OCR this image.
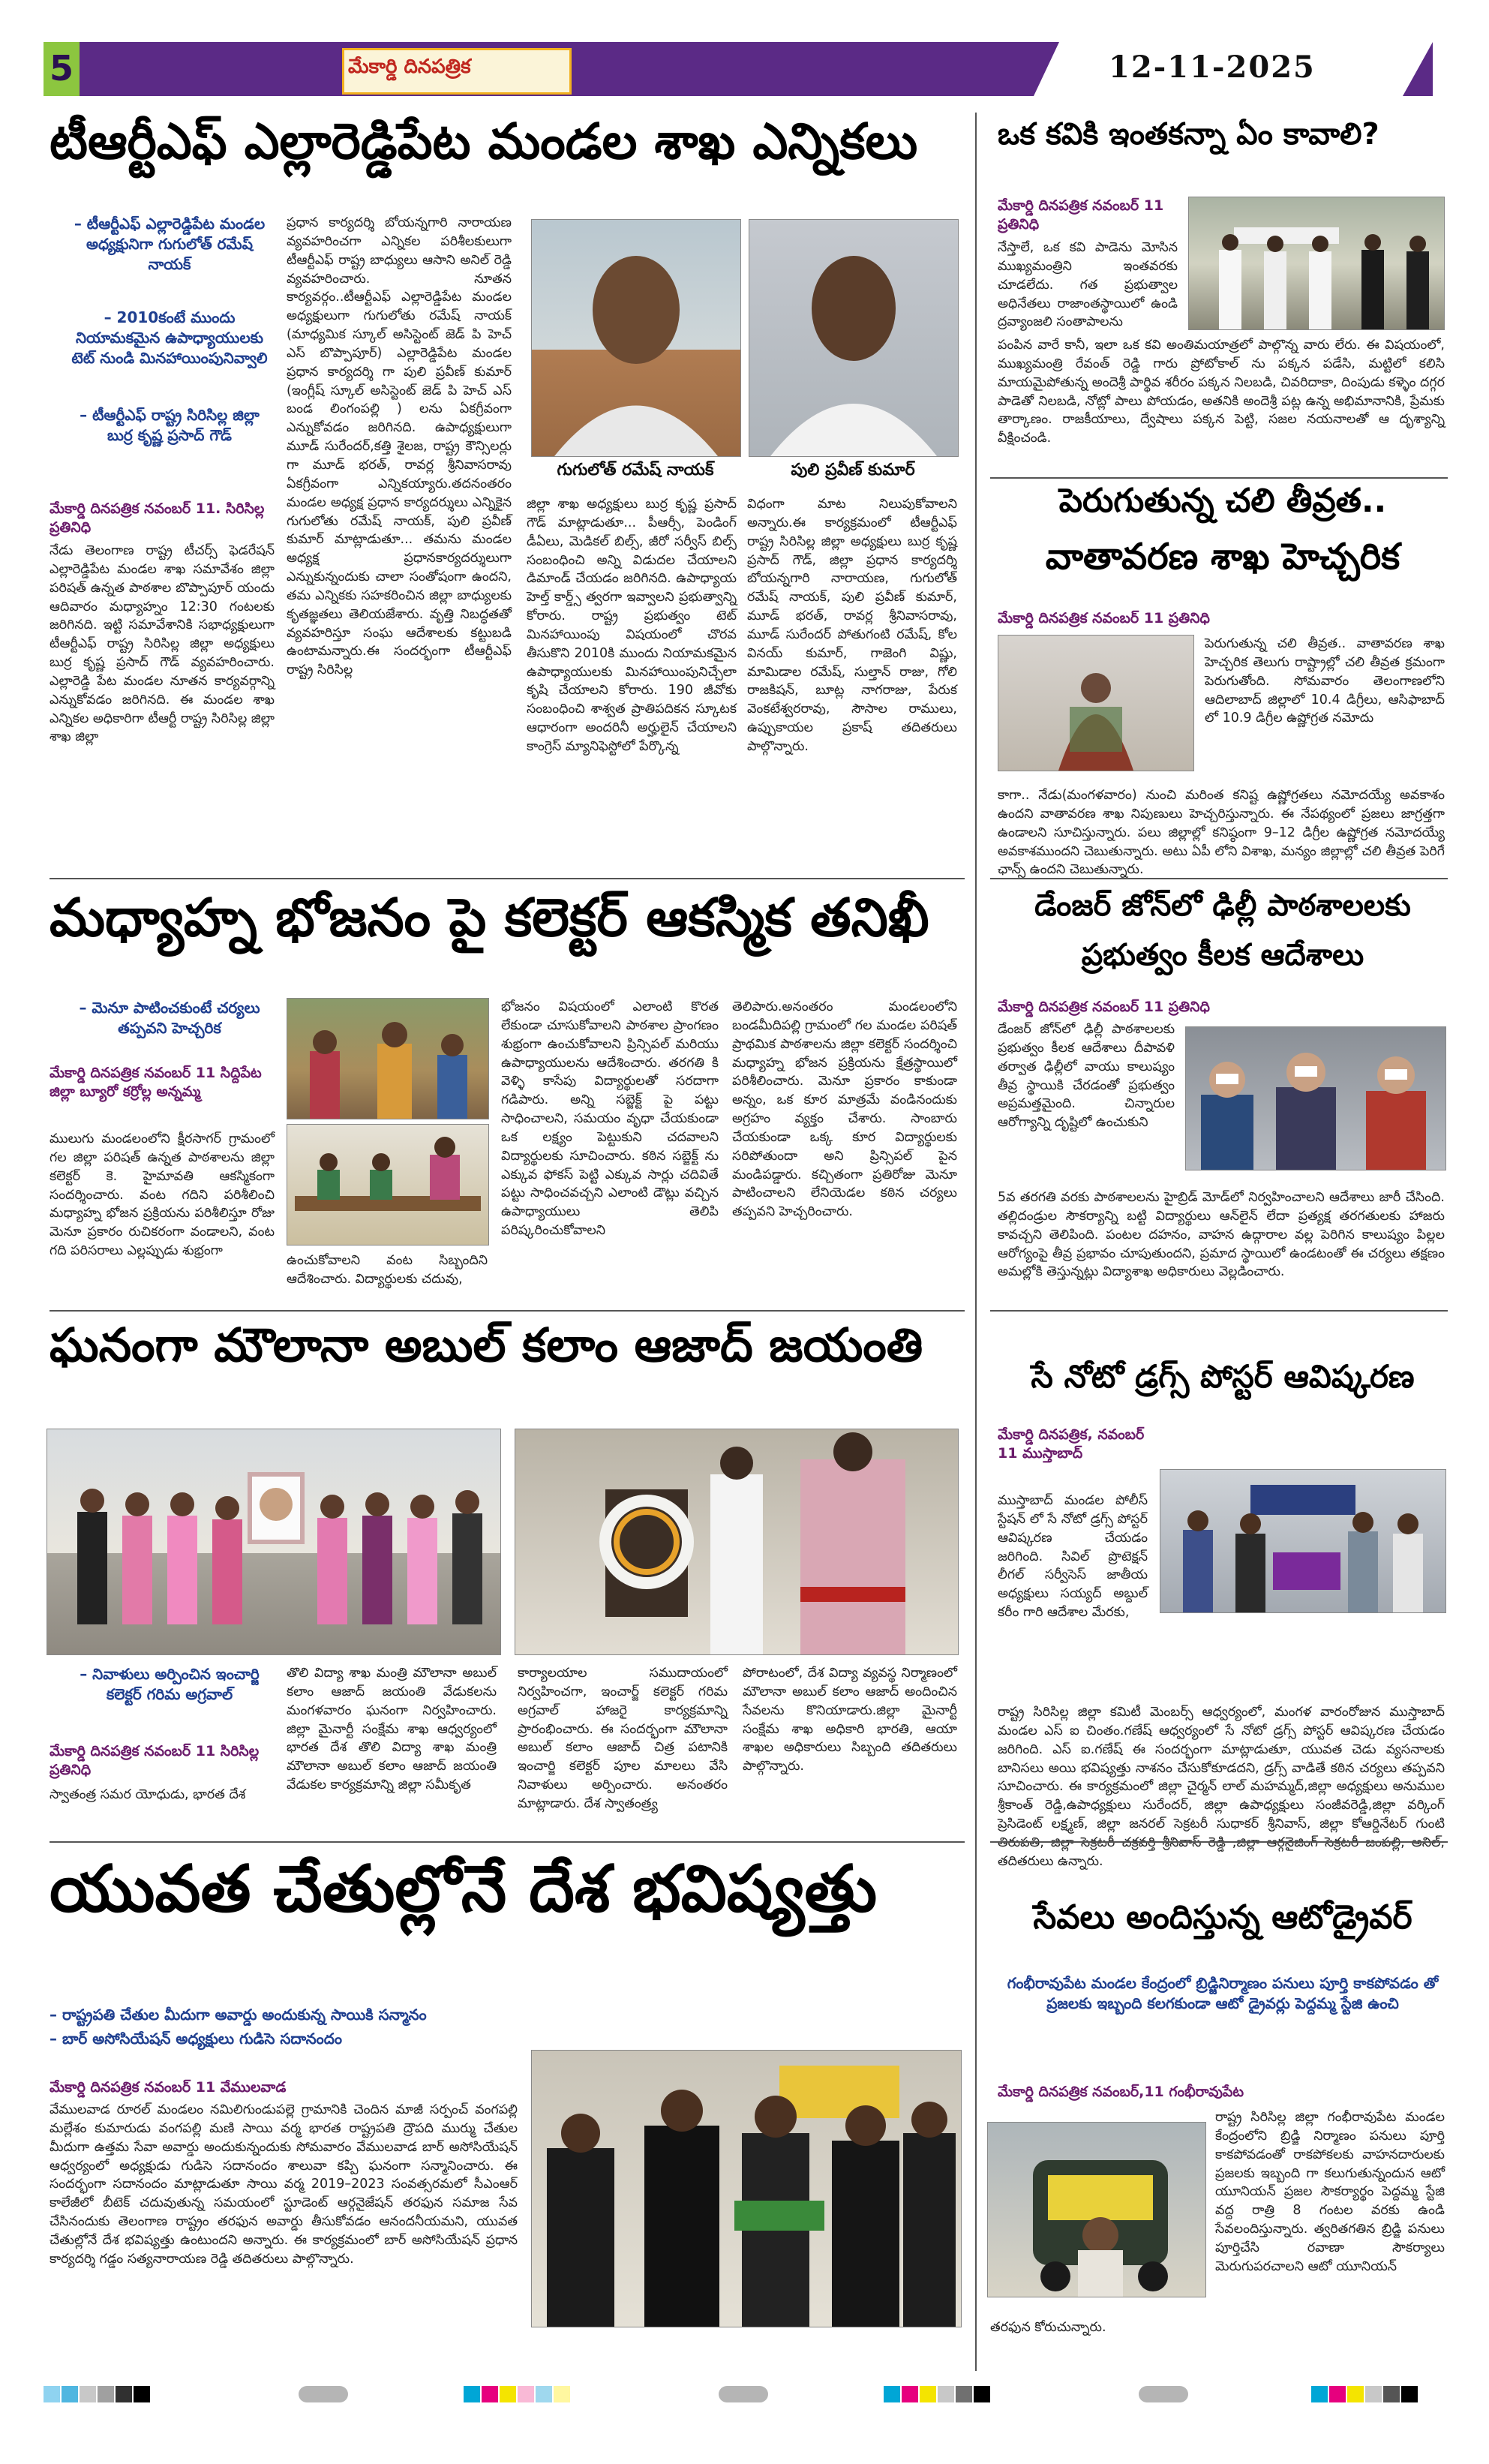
5	మేకార్డి దినపత్రిక	12-11-2025
టీఆర్టీఎఫ్ ఎల్లారెడ్డిపేట మండల శాఖ ఎన్నికలు
– టీఆర్టీఎఫ్ ఎల్లారెడ్డిపేట మండల అధ్యక్షునిగా గుగులోత్ రమేష్ నాయక్
– 2010కంటే ముందు నియామకమైన ఉపాధ్యాయులకు టెట్ నుండి మినహాయింపునివ్వాలి
– టీఆర్టీఎఫ్ రాష్ట్ర సిరిసిల్ల జిల్లా బుర్ర కృష్ణ ప్రసాద్ గౌడ్
మేకార్డి దినపత్రిక నవంబర్ 11. సిరిసిల్ల ప్రతినిధి
నేడు తెలంగాణ రాష్ట్ర టీచర్స్ ఫెడరేషన్ ఎల్లారెడ్డిపేట మండల శాఖ సమావేశం జిల్లా పరిషత్ ఉన్నత పాఠశాల బొప్పాపూర్ యందు ఆదివారం మధ్యాహ్నం 12:30 గంటలకు జరిగినది. ఇట్టి సమావేశానికి సభాధ్యక్షులుగా టీఆర్టీఎఫ్ రాష్ట్ర సిరిసిల్ల జిల్లా అధ్యక్షులు బుర్ర కృష్ణ ప్రసాద్ గౌడ్ వ్యవహరించారు. ఎల్లారెడ్డి పేట మండల నూతన కార్యవర్గాన్ని ఎన్నుకోవడం జరిగినది. ఈ మండల శాఖ ఎన్నికల అధికారిగా టీఆర్టీ రాష్ట్ర సిరిసిల్ల జిల్లా శాఖ జిల్లా
ప్రధాన కార్యదర్శి బోయన్నగారి నారాయణ వ్యవహరించగా ఎన్నికల పరిశీలకులుగా టీఆర్టీఎఫ్ రాష్ట్ర బాధ్యులు ఆసాని అనిల్ రెడ్డి వ్యవహరించారు. నూతన కార్యవర్గం..టీఆర్టీఎఫ్ ఎల్లారెడ్డిపేట మండల అధ్యక్షులుగా గుగులోతు రమేష్ నాయక్ (మాధ్యమిక స్కూల్ అసిస్టెంట్ జెడ్ పి హెచ్ ఎస్ బొప్పాపూర్) ఎల్లారెడ్డిపేట మండల ప్రధాన కార్యదర్శి గా పులి ప్రవీణ్ కుమార్ (ఇంగ్లీష్ స్కూల్ అసిస్టెంట్ జెడ్ పి హెచ్ ఎస్ బండ లింగంపల్లి ) లను ఏకగ్రీవంగా ఎన్నుకోవడం జరిగినది. ఉపాధ్యక్షులుగా మూడ్ సురేందర్,కత్తి శైలజ, రాష్ట్ర కౌన్సిలర్లు గా మూడ్ భరత్, రావర్ల శ్రీనివాసరావు ఏకగ్రీవంగా ఎన్నికయ్యారు.తదనంతరం మండల అధ్యక్ష ప్రధాన కార్యదర్శులు ఎన్నికైన గుగులోతు రమేష్ నాయక్, పులి ప్రవీణ్ కుమార్ మాట్లాడుతూ... తమను మండల అధ్యక్ష ప్రధానకార్యదర్శులుగా ఎన్నుకున్నందుకు చాలా సంతోషంగా ఉందని, తమ ఎన్నికకు సహకరించిన జిల్లా బాధ్యులకు కృతజ్ఞతలు తెలియజేశారు. వృత్తి నిబద్ధతతో వ్యవహరిస్తూ సంఘ ఆదేశాలకు కట్టుబడి ఉంటామన్నారు.ఈ సందర్భంగా టీఆర్టీఎఫ్ రాష్ట్ర సిరిసిల్ల
గుగులోత్ రమేష్ నాయక్	పులి ప్రవీణ్ కుమార్
జిల్లా శాఖ అధ్యక్షులు బుర్ర కృష్ణ ప్రసాద్ గౌడ్ మాట్లాడుతూ... పీఆర్సీ, పెండింగ్ డీఏలు, మెడికల్ బిల్స్, జీరో సర్వీస్ బిల్స్ సంబంధించి అన్ని విడుదల చేయాలని డిమాండ్ చేయడం జరిగినది. ఉపాధ్యాయ హెల్త్ కార్డ్స్ త్వరగా ఇవ్వాలని ప్రభుత్వాన్ని కోరారు. రాష్ట్ర ప్రభుత్వం టెట్ మినహాయింపు విషయంలో చొరవ తీసుకొని 2010కి ముందు నియామకమైన ఉపాధ్యాయులకు మినహాయింపునిచ్చేలా కృషి చేయాలని కోరారు. 190 జీవోకు సంబంధించి శాశ్వత ప్రాతిపదికన స్కూటక ఆధారంగా అందరినీ అర్హులైన్ చేయాలని కాంగ్రెస్ మ్యానిఫెస్టోలో పేర్కొన్న
విధంగా మాట నిలుపుకోవాలని అన్నారు.ఈ కార్యక్రమంలో టీఆర్టీఎఫ్ రాష్ట్ర సిరిసిల్ల జిల్లా అధ్యక్షులు బుర్ర కృష్ణ ప్రసాద్ గౌడ్, జిల్లా ప్రధాన కార్యదర్శి బోయన్నగారి నారాయణ, గుగులోత్ రమేష్ నాయక్, పులి ప్రవీణ్ కుమార్, మూడ్ భరత్, రావర్ల శ్రీనివాసరావు, మూడ్ సురేందర్ పోతుగంటి రమేష్, కోల వినయ్ కుమార్, గాజెంగి విష్ణు, మామిడాల రమేష్, సుల్తాన్ రాజు, గోలి రాజకిషన్, బూట్ల నాగరాజు, పేరుక వెంకటేశ్వరరావు, సౌసాల రాములు, ఉప్పుకాయల ప్రకాష్ తదితరులు పాల్గొన్నారు.
మధ్యాహ్న భోజనం పై కలెక్టర్ ఆకస్మిక తనిఖీ
– మెనూ పాటించకుంటే చర్యలు తప్పవని హెచ్చరిక
మేకార్డి దినపత్రిక నవంబర్ 11 సిద్దిపేట జిల్లా బ్యూరో కర్రోల్ల అన్నమ్మ
ములుగు మండలంలోని క్షీరసాగర్ గ్రామంలో గల జిల్లా పరిషత్ ఉన్నత పాఠశాలను జిల్లా కలెక్టర్ కె. హైమావతి ఆకస్మికంగా సందర్శించారు. వంట గదిని పరిశీలించి మధ్యాహ్న భోజన ప్రక్రియను పరిశీలిస్తూ రోజు మెనూ ప్రకారం రుచికరంగా వండాలని, వంట గది పరిసరాలు ఎల్లప్పుడు శుభ్రంగా
ఉంచుకోవాలని వంట సిబ్బందిని ఆదేశించారు. విద్యార్థులకు చదువు,
భోజనం విషయంలో ఎలాంటి కొరత లేకుండా చూసుకోవాలని పాఠశాల ప్రాంగణం శుభ్రంగా ఉంచుకోవాలని ప్రిన్సిపల్ మరియు ఉపాధ్యాయులను ఆదేశించారు. తరగతి కి వెళ్ళి కాసేపు విద్యార్థులతో సరదాగా గడిపారు. అన్ని సబ్జెక్ట్ పై పట్టు సాధించాలని, సమయం వృధా చేయకుండా ఒక లక్ష్యం పెట్టుకుని చదవాలని విద్యార్థులకు సూచించారు. కఠిన సబ్జెక్ట్ ను ఎక్కువ ఫోకస్ పెట్టి ఎక్కువ సార్లు చదివితే పట్టు సాధించవచ్చని ఎలాంటి డౌట్లు వచ్చిన ఉపాధ్యాయులు తెలిపి పరిష్కరించుకోవాలని
తెలిపారు.అనంతరం మండలంలోని బండమీదిపల్లి గ్రామంలో గల మండల పరిషత్ ప్రాథమిక పాఠశాలను జిల్లా కలెక్టర్ సందర్శించి మధ్యాహ్న భోజన ప్రక్రియను క్షేత్రస్థాయిలో పరిశీలించారు. మెనూ ప్రకారం కాకుండా అన్నం, ఒక కూర మాత్రమే వండినందుకు అగ్రహం వ్యక్తం చేశారు. సాంబారు చేయకుండా ఒక్క కూర విద్యార్థులకు సరిపోతుందా అని ప్రిన్సిపల్ పైన మండిపడ్డారు. కచ్చితంగా ప్రతిరోజు మెనూ పాటించాలని లేనియెడల కఠిన చర్యలు తప్పవని హెచ్చరించారు.
ఘనంగా మౌలానా అబుల్ కలాం ఆజాద్ జయంతి
– నివాళులు అర్పించిన ఇంచార్జి కలెక్టర్ గరిమ అగ్రవాల్
మేకార్డి దినపత్రిక నవంబర్ 11 సిరిసిల్ల ప్రతినిధి
స్వాతంత్ర సమర యోధుడు, భారత దేశ
తొలి విద్యా శాఖ మంత్రి మౌలానా అబుల్ కలాం ఆజాద్ జయంతి వేడుకలను మంగళవారం ఘనంగా నిర్వహించారు. జిల్లా మైనార్టీ సంక్షేమ శాఖ ఆధ్వర్యంలో భారత దేశ తొలి విద్యా శాఖ మంత్రి మౌలానా అబుల్ కలాం ఆజాద్ జయంతి వేడుకల కార్యక్రమాన్ని జిల్లా సమీకృత
కార్యాలయాల సముదాయంలో నిర్వహించగా, ఇంచార్జ్ కలెక్టర్ గరిమ అగ్రవాల్ హాజరై కార్యక్రమాన్ని ప్రారంభించారు. ఈ సందర్భంగా మౌలానా అబుల్ కలాం ఆజాద్ చిత్ర పటానికి ఇంచార్జి కలెక్టర్ పూల మాలలు వేసి నివాళులు అర్పించారు. అనంతరం మాట్లాడారు. దేశ స్వాతంత్ర్య
పోరాటంలో, దేశ విద్యా వ్యవస్థ నిర్మాణంలో మౌలానా అబుల్ కలాం ఆజాద్ అందించిన సేవలను కొనియాడారు.జిల్లా మైనార్టీ సంక్షేమ శాఖ అధికారి భారతి, ఆయా శాఖల అధికారులు సిబ్బంది తదితరులు పాల్గొన్నారు.
యువత చేతుల్లోనే దేశ భవిష్యత్తు
– రాష్ట్రపతి చేతుల మీదుగా అవార్డు అందుకున్న సాయికి సన్మానం
– బార్ అసోసియేషన్ అధ్యక్షులు గుడిసె సదానందం
మేకార్డి దినపత్రిక నవంబర్ 11 వేములవాడ
వేములవాడ రూరల్ మండలం నమిలిగుండుపల్లె గ్రామానికి చెందిన మాజీ సర్పంచ్ వంగపల్లి మల్లేశం కుమారుడు వంగపల్లి మణి సాయి వర్మ భారత రాష్ట్రపతి ద్రౌపది ముర్ము చేతుల మీదుగా ఉత్తమ సేవా అవార్డు అందుకున్నందుకు సోమవారం వేములవాడ బార్ అసోసియేషన్ ఆధ్వర్యంలో అధ్యక్షుడు గుడిసె సదానందం శాలువా కప్పి ఘనంగా సన్మానించారు. ఈ సందర్భంగా సదానందం మాట్లాడుతూ సాయి వర్మ 2019–2023 సంవత్సరమలో సీఎంఆర్ కాలేజీలో బీటెక్ చదువుతున్న సమయంలో స్టూడెంట్ ఆర్గనైజేషన్ తరఫున సమాజ సేవ చేసినందుకు తెలంగాణ రాష్ట్రం తరఫున అవార్డు తీసుకోవడం ఆనందనీయమని, యువత చేతుల్లోనే దేశ భవిష్యత్తు ఉంటుందని అన్నారు. ఈ కార్యక్రమంలో బార్ అసోసియేషన్ ప్రధాన కార్యదర్శి గడ్డం సత్యనారాయణ రెడ్డి తదితరులు పాల్గొన్నారు.
ఒక కవికి ఇంతకన్నా ఏం కావాలి?
మేకార్డి దినపత్రిక నవంబర్ 11 ప్రతినిధి
నేస్తాలే, ఒక కవి పాడెను మోసిన ముఖ్యమంత్రిని ఇంతవరకు చూడలేదు. గత ప్రభుత్వాల అధినేతలు రాజాంతస్థాయిలో ఉండి ద్రవ్యాంజలి సంతాపాలను
పంపిన వారే కానీ, ఇలా ఒక కవి అంతిమయాత్రలో పాల్గొన్న వారు లేరు. ఈ విషయంలో, ముఖ్యమంత్రి రేవంత్ రెడ్డి గారు ప్రోటోకాల్ ను పక్కన పడేసి, మట్టిలో కలిసి మాయమైపోతున్న అందెశ్రీ పార్థివ శరీరం పక్కన నిలబడి, చివరిదాకా, దింపుడు కళ్ళెం దగ్గర పాడెతో నిలబడి, నోట్లో పాలు పోయడం, అతనికి అందెశ్రీ పట్ల ఉన్న అభిమానానికి, ప్రేమకు తార్కాణం. రాజకీయాలు, ద్వేషాలు పక్కన పెట్టి, సజల నయనాలతో ఆ దృశ్యాన్ని వీక్షించండి.
పెరుగుతున్న చలి తీవ్రత..
వాతావరణ శాఖ హెచ్చరిక
మేకార్డి దినపత్రిక నవంబర్ 11 ప్రతినిధి
పెరుగుతున్న చలి తీవ్రత.. వాతావరణ శాఖ హెచ్చరిక తెలుగు రాష్ట్రాల్లో చలి తీవ్రత క్రమంగా పెరుగుతోంది. సోమవారం తెలంగాణలోని ఆదిలాబాద్ జిల్లాలో 10.4 డిగ్రీలు, ఆసిఫాబాద్ లో 10.9 డిగ్రీల ఉష్ణోగ్రత నమోదు
కాగా.. నేడు(మంగళవారం) నుంచి మరింత కనిష్ట ఉష్ణోగ్రతలు నమోదయ్యే అవకాశం ఉందని వాతావరణ శాఖ నిపుణులు హెచ్చరిస్తున్నారు. ఈ నేపథ్యంలో ప్రజలు జాగ్రత్తగా ఉండాలని సూచిస్తున్నారు. పలు జిల్లాల్లో కనిష్ఠంగా 9–12 డిగ్రీల ఉష్ణోగ్రత నమోదయ్యే అవకాశముందని చెబుతున్నారు. అటు ఏపీ లోని విశాఖ, మన్యం జిల్లాల్లో చలి తీవ్రత పెరిగే ఛాన్స్ ఉందని చెబుతున్నారు.
డేంజర్ జోన్‌లో ఢిల్లీ పాఠశాలలకు
ప్రభుత్వం కీలక ఆదేశాలు
మేకార్డి దినపత్రిక నవంబర్ 11 ప్రతినిధి
డేంజర్ జోన్‌లో ఢిల్లీ పాఠశాలలకు ప్రభుత్వం కీలక ఆదేశాలు దీపావళి తర్వాత ఢిల్లీలో వాయు కాలుష్యం తీవ్ర స్థాయికి చేరడంతో ప్రభుత్వం అప్రమత్తమైంది. చిన్నారుల ఆరోగ్యాన్ని దృష్టిలో ఉంచుకుని
5వ తరగతి వరకు పాఠశాలలను హైబ్రిడ్ మోడ్‌లో నిర్వహించాలని ఆదేశాలు జారీ చేసింది. తల్లిదండ్రుల సౌకర్యాన్ని బట్టి విద్యార్థులు ఆన్‌లైన్ లేదా ప్రత్యక్ష తరగతులకు హాజరు కావచ్చని తెలిపింది. పంటల దహనం, వాహన ఉద్గారాల వల్ల పెరిగిన కాలుష్యం పిల్లల ఆరోగ్యంపై తీవ్ర ప్రభావం చూపుతుందని, ప్రమాద స్థాయిలో ఉండటంతో ఈ చర్యలు తక్షణం అమల్లోకి తెస్తున్నట్లు విద్యాశాఖ అధికారులు వెల్లడించారు.
సే నోటో డ్రగ్స్ పోస్టర్ ఆవిష్కరణ
మేకార్డి దినపత్రిక, నవంబర్ 11 ముస్తాబాద్
ముస్తాబాద్ మండల పోలీస్ స్టేషన్ లో సే నోటో డ్రగ్స్ పోస్టర్ ఆవిష్కరణ చేయడం జరిగింది. సివిల్ ప్రొటెక్షన్ లీగల్ సర్వీసెస్ జాతీయ అధ్యక్షులు సయ్యద్ అబ్దుల్ కరీం గారి ఆదేశాల మేరకు,
రాష్ట్ర సిరిసిల్ల జిల్లా కమిటీ మెంబర్స్ ఆధ్వర్యంలో, మంగళ వారంరోజున ముస్తాబాద్ మండల ఎస్ ఐ చింతం.గణేష్ ఆధ్వర్యంలో సే నోటో డ్రగ్స్ పోస్టర్ ఆవిష్కరణ చేయడం జరిగింది. ఎస్ ఐ.గణేష్ ఈ సందర్భంగా మాట్లాడుతూ, యువత చెడు వ్యసనాలకు బానిసలు అయి భవిష్యత్తు నాశనం చేసుకోకూడదని, డ్రగ్స్ వాడితే కఠిన చర్యలు తప్పవని సూచించారు. ఈ కార్యక్రమంలో జిల్లా చైర్మన్ లాల్ మహమ్మద్,జిల్లా అధ్యక్షులు అనుముల శ్రీకాంత్ రెడ్డి,ఉపాధ్యక్షులు సురేందర్, జిల్లా ఉపాధ్యక్షులు సంజీవరెడ్డి,జిల్లా వర్కింగ్ ప్రెసిడెంట్ లక్ష్మణ్, జిల్లా జనరల్ సెక్రటరీ సుధాకర్ శ్రీనివాస్, జిల్లా కోఆర్డినేటర్ గుంటి తదితరులు ఉన్నారు.
సేవలు అందిస్తున్న ఆటోడ్రైవర్
గంభీరావుపేట మండల కేంద్రంలో బ్రిడ్జినిర్మాణం పనులు పూర్తి కాకపోవడం తో ప్రజలకు ఇబ్బంది కలగకుండా ఆటో డ్రైవర్లు పెద్దమ్మ స్టేజి ఉంచి
మేకార్డి దినపత్రిక నవంబర్,11 గంభీరావుపేట
రాష్ట్ర సిరిసిల్ల జిల్లా గంభీరావుపేట మండల కేంద్రంలోని బ్రిడ్జి నిర్మాణం పనులు పూర్తి కాకపోవడంతో రాకపోకలకు వాహనదారులకు ప్రజలకు ఇబ్బంది గా కలుగుతున్నందున ఆటో యూనియన్ ప్రజల సౌకర్యార్థం పెద్దమ్మ స్టేజి వద్ద రాత్రి 8 గంటల వరకు ఉండి సేవలందిస్తున్నారు. త్వరితగతిన బ్రిడ్జి పనులు పూర్తిచేసి రవాణా సౌకర్యాలు మెరుగుపరచాలని ఆటో యూనియన్
తరఫున కోరుచున్నారు.
